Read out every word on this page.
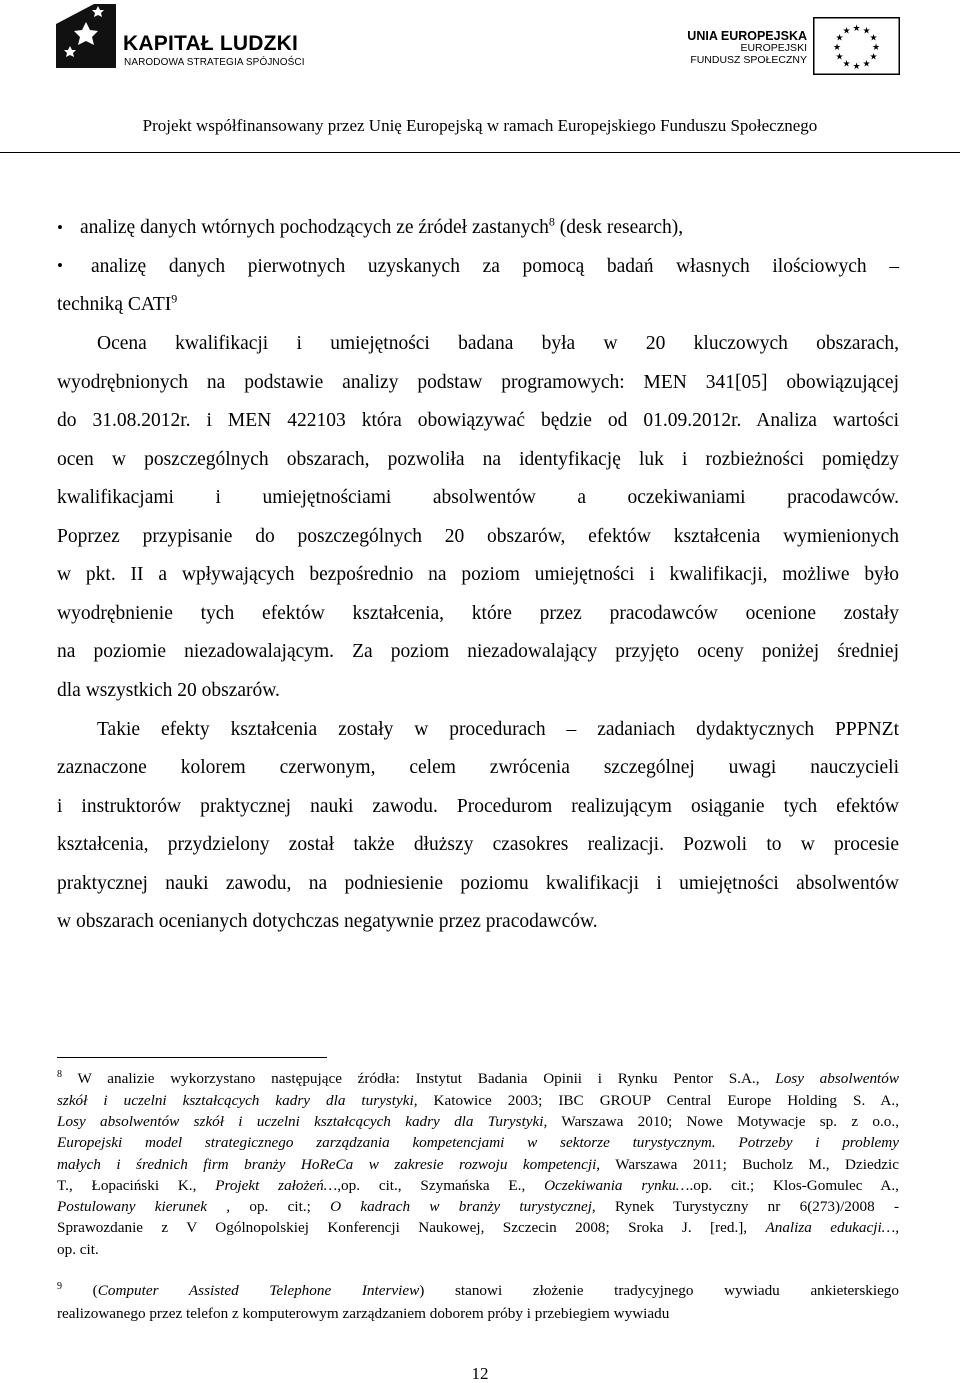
KAPITAŁ LUDZKI
NARODOWA STRATEGIA SPÓJNOŚCI
UNIA EUROPEJSKA
EUROPEJSKI
FUNDUSZ SPOŁECZNY
★ ★
★
★
★
★
★
★
★
★
★
★
Projekt współfinansowany przez Unię Europejską w ramach Europejskiego Funduszu Społecznego
• analizę danych wtórnych pochodzących ze źródeł zastanych$^8$ (desk research),
• analizę danych pierwotnych uzyskanych za pomocą badań własnych ilościowych –
techniką CATI$^9$
Ocena kwalifikacji i umiejętności badana była w 20 kluczowych obszarach,
wyodrębnionych na podstawie analizy podstaw programowych: MEN 341[05] obowiązującej
do 31.08.2012r. i MEN 422103 która obowiązywać będzie od 01.09.2012r. Analiza wartości
ocen w poszczególnych obszarach, pozwoliła na identyfikację luk i rozbieżności pomiędzy
kwalifikacjami i umiejętnościami absolwentów a oczekiwaniami pracodawców.
Poprzez przypisanie do poszczególnych 20 obszarów, efektów kształcenia wymienionych
w pkt. II a wpływających bezpośrednio na poziom umiejętności i kwalifikacji, możliwe było
wyodrębnienie tych efektów kształcenia, które przez pracodawców ocenione zostały
na poziomie niezadowalającym. Za poziom niezadowalający przyjęto oceny poniżej średniej
dla wszystkich 20 obszarów.
Takie efekty kształcenia zostały w procedurach – zadaniach dydaktycznych PPPNZt
zaznaczone kolorem czerwonym, celem zwrócenia szczególnej uwagi nauczycieli
i instruktorów praktycznej nauki zawodu. Procedurom realizującym osiąganie tych efektów
kształcenia, przydzielony został także dłuższy czasokres realizacji. Pozwoli to w procesie
praktycznej nauki zawodu, na podniesienie poziomu kwalifikacji i umiejętności absolwentów
w obszarach ocenianych dotychczas negatywnie przez pracodawców.
$^8$ W analizie wykorzystano następujące źródła: Instytut Badania Opinii i Rynku Pentor S.A., Losy absolwentów
szkół i uczelni kształcących kadry dla turystyki, Katowice 2003; IBC GROUP Central Europe Holding S. A.,
Losy absolwentów szkół i uczelni kształcących kadry dla Turystyki, Warszawa 2010; Nowe Motywacje sp. z o.o.,
Europejski model strategicznego zarządzania kompetencjami w sektorze turystycznym. Potrzeby i problemy
małych i średnich firm branży HoReCa w zakresie rozwoju kompetencji, Warszawa 2011; Bucholz M., Dziedzic
T., Łopaciński K., Projekt założeń…,op. cit., Szymańska E., Oczekiwania rynku….op. cit.; Klos-Gomulec A.,
Postulowany kierunek , op. cit.; O kadrach w branży turystycznej, Rynek Turystyczny nr 6(273)/2008 -
Sprawozdanie z V Ogólnopolskiej Konferencji Naukowej, Szczecin 2008; Sroka J. [red.], Analiza edukacji…,
op. cit.
$^9$ (Computer Assisted Telephone Interview) stanowi złożenie tradycyjnego wywiadu ankieterskiego
realizowanego przez telefon z komputerowym zarządzaniem doborem próby i przebiegiem wywiadu
12
